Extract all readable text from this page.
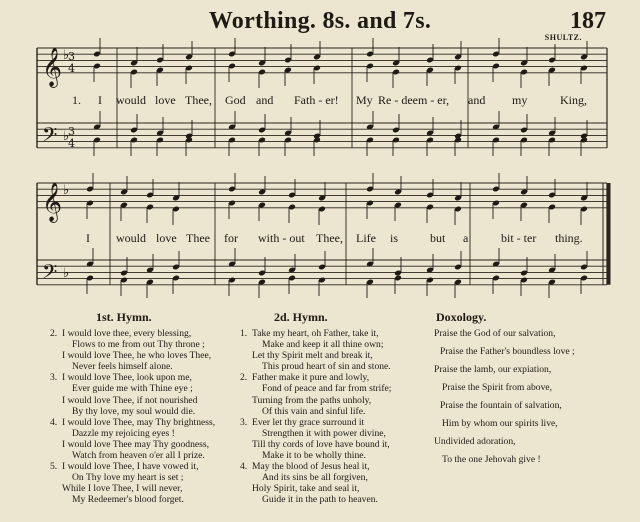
Worthing. 8s. and 7s.	187
SHULTZ.
𝄞
𝄢
𝄞
𝄢
♭
♭
♭
♭
3
4
3
4
1. I would love Thee, God and Fath - er! My Re - deem - er, and my	King,
I would love Thee for with - out Thee, Life is	but a	bit - ter thing.
1st. Hymn.	2d. Hymn.	Doxology.
2. I would love thee, every blessing,
Flows to me from out Thy throne ;
I would love Thee, he who loves Thee,
Never feels himself alone.
3. I would love Thee, look upon me,
Ever guide me with Thine eye ;
I would love Thee, if not nourished
By thy love, my soul would die.
4. I would love Thee, may Thy brightness,
Dazzle my rejoicing eyes !
I would love Thee may Thy goodness,
Watch from heaven o'er all I prize.
5. I would love Thee, I have vowed it,
On Thy love my heart is set ;
While I love Thee, I will never,
My Redeemer's blood forget.
1. Take my heart, oh Father, take it,
Make and keep it all thine own;
Let thy Spirit melt and break it,
This proud heart of sin and stone.
2. Father make it pure and lowly,
Fond of peace and far from strife;
Turning from the paths unholy,
Of this vain and sinful life.
3. Ever let thy grace surround it
Strengthen it with power divine,
Till thy cords of love have bound it,
Make it to be wholly thine.
4. May the blood of Jesus heal it,
And its sins be all forgiven,
Holy Spirit, take and seal it,
Guide it in the path to heaven.
Praise the God of our salvation,
Praise the Father's boundless love ;
Praise the lamb, our expiation,
Praise the Spirit from above,
Praise the fountain of salvation,
Him by whom our spirits live,
Undivided adoration,
To the one Jehovah give !
